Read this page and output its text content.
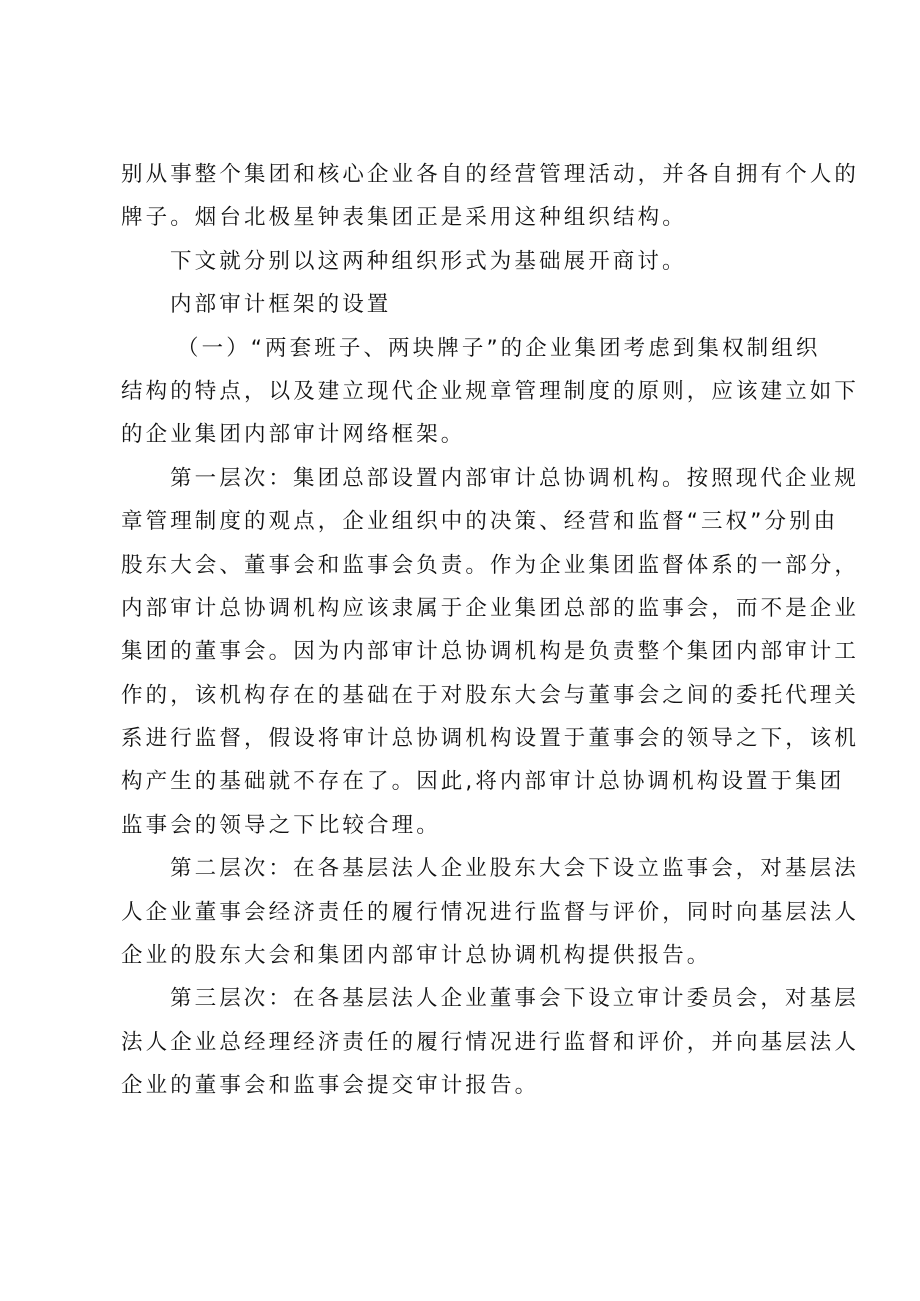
别从事整个集团和核心企业各自的经营管理活动，并各自拥有个人的
牌子。烟台北极星钟表集团正是采用这种组织结构。
下文就分别以这两种组织形式为基础展开商讨。
内部审计框架的设置
（一）“两套班子、两块牌子”的企业集团考虑到集权制组织
结构的特点，以及建立现代企业规章管理制度的原则，应该建立如下
的企业集团内部审计网络框架。
第一层次：集团总部设置内部审计总协调机构。按照现代企业规
章管理制度的观点，企业组织中的决策、经营和监督“三权”分别由
股东大会、董事会和监事会负责。作为企业集团监督体系的一部分，
内部审计总协调机构应该隶属于企业集团总部的监事会，而不是企业
集团的董事会。因为内部审计总协调机构是负责整个集团内部审计工
作的，该机构存在的基础在于对股东大会与董事会之间的委托代理关
系进行监督，假设将审计总协调机构设置于董事会的领导之下，该机
构产生的基础就不存在了。因此,将内部审计总协调机构设置于集团
监事会的领导之下比较合理。
第二层次：在各基层法人企业股东大会下设立监事会，对基层法
人企业董事会经济责任的履行情况进行监督与评价，同时向基层法人
企业的股东大会和集团内部审计总协调机构提供报告。
第三层次：在各基层法人企业董事会下设立审计委员会，对基层
法人企业总经理经济责任的履行情况进行监督和评价，并向基层法人
企业的董事会和监事会提交审计报告。
